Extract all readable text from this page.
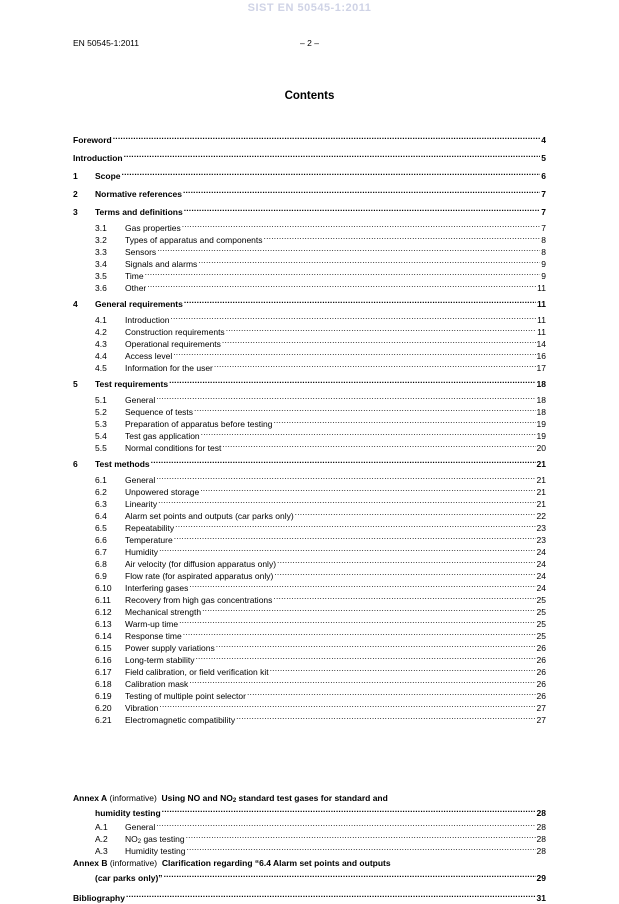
SIST EN 50545-1:2011
EN 50545-1:2011	– 2 –
Contents
Annex A (informative) Using NO and $NO_2$ standard test gases for standard and
humidity testing .....	28
A.1	General .....	28
A.2	$NO_2$ gas testing .....	28
A.3	Humidity testing .....	28
Annex B (informative) Clarification regarding “6.4 Alarm set points and outputs
(car parks only)” .....	29
Bibliography .....	31
Foreword .....	4
Introduction .....	5
1	Scope .....	6
2	Normative references .....	7
3	Terms and definitions .....	7
3.1	Gas properties .....	7
3.2	Types of apparatus and components .....	8
3.3	Sensors .....	8
3.4	Signals and alarms .....	9
3.5	Time .....	9
3.6	Other .....	11
4	General requirements .....	11
4.1	Introduction .....	11
4.2	Construction requirements .....	11
4.3	Operational requirements .....	14
4.4	Access level .....	16
4.5	Information for the user .....	17
5	Test requirements .....	18
5.1	General .....	18
5.2	Sequence of tests .....	18
5.3	Preparation of apparatus before testing .....	19
5.4	Test gas application .....	19
5.5	Normal conditions for test .....	20
6	Test methods .....	21
6.1	General .....	21
6.2	Unpowered storage .....	21
6.3	Linearity .....	21
6.4	Alarm set points and outputs (car parks only) .....	22
6.5	Repeatability .....	23
6.6	Temperature .....	23
6.7	Humidity .....	24
6.8	Air velocity (for diffusion apparatus only) .....	24
6.9	Flow rate (for aspirated apparatus only) .....	24
6.10	Interfering gases .....	24
6.11	Recovery from high gas concentrations .....	25
6.12	Mechanical strength .....	25
6.13	Warm-up time .....	25
6.14	Response time .....	25
6.15	Power supply variations .....	26
6.16	Long-term stability .....	26
6.17	Field calibration, or field verification kit .....	26
6.18	Calibration mask .....	26
6.19	Testing of multiple point selector .....	26
6.20	Vibration .....	27
6.21	Electromagnetic compatibility .....	27
